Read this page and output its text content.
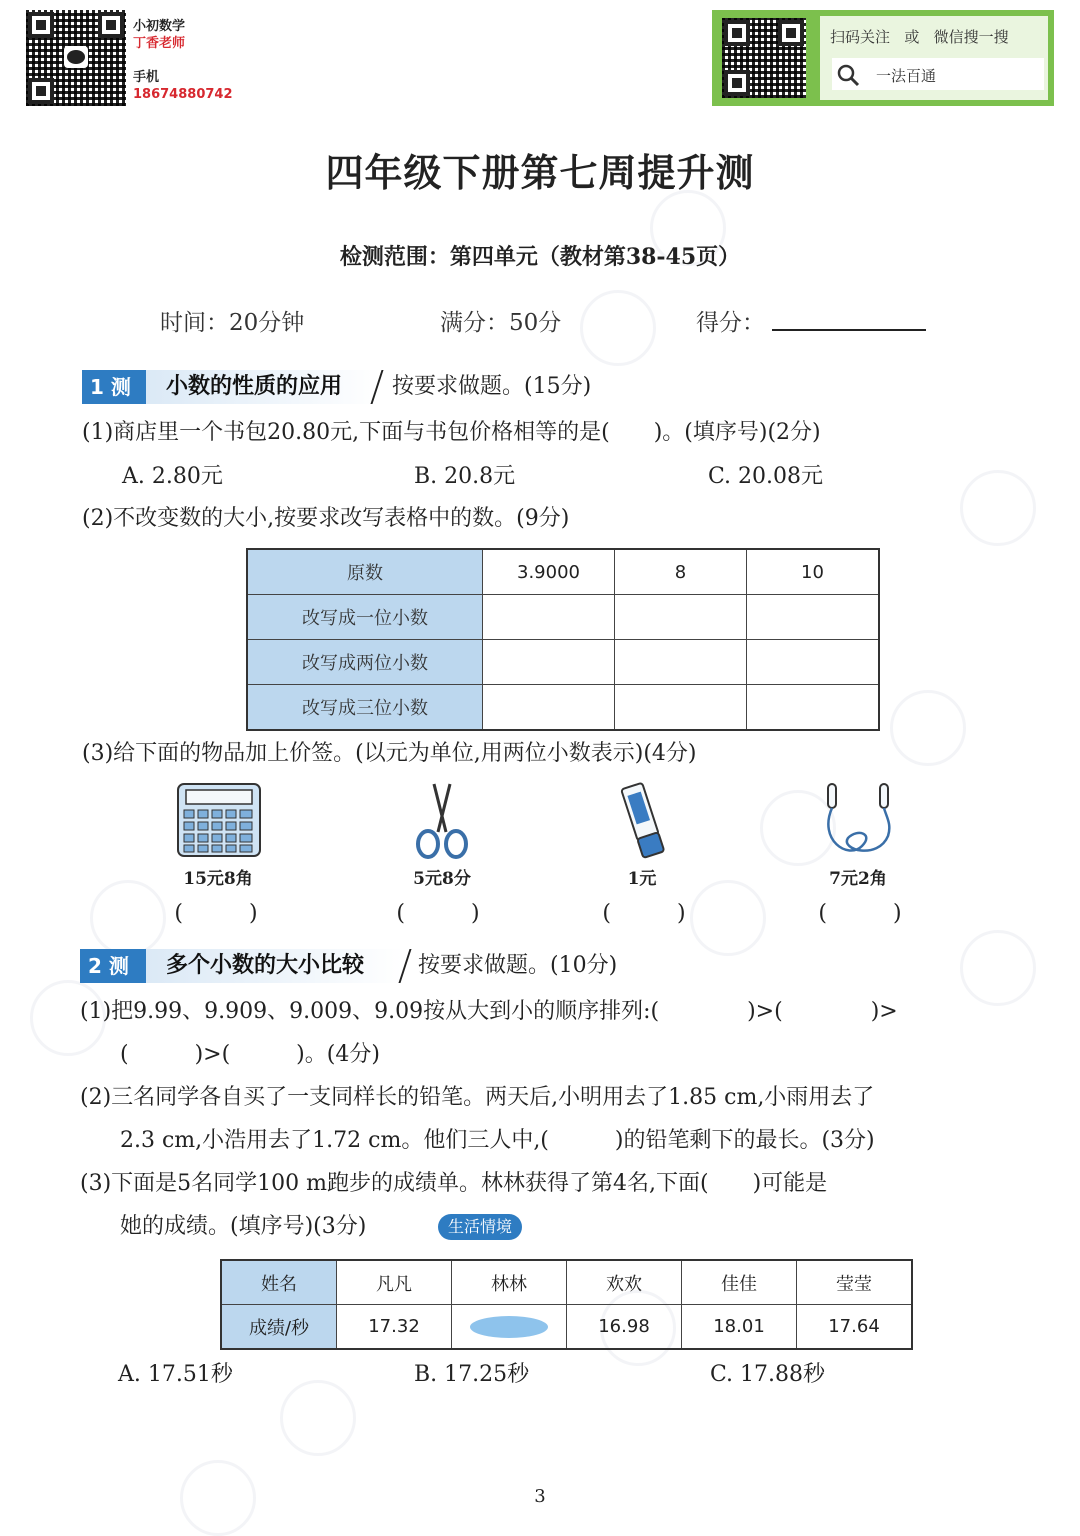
小初数学
丁香老师
手机
18674880742
扫码关注 或 微信搜一搜
一法百通
四年级下册第七周提升测
检测范围：第四单元（教材第38-45页）
时间：20分钟	满分：50分	得分：
1 测	小数的性质的应用	按要求做题。(15分)
(1)商店里一个书包20.80元,下面与书包价格相等的是(　　)。(填序号)(2分)
A. 2.80元	B. 20.8元	C. 20.08元
(2)不改变数的大小,按要求改写表格中的数。(9分)
原数	3.9000	8	10
改写成一位小数			
改写成两位小数			
改写成三位小数			
(3)给下面的物品加上价签。(以元为单位,用两位小数表示)(4分)
15元8角	5元8分	1元	7元2角
(　　　)	(　　　)	(　　　)	(　　　)
2 测	多个小数的大小比较	按要求做题。(10分)
(1)把9.99、9.909、9.009、9.09按从大到小的顺序排列:(　　　　)>(　　　　)>
(　　　)>(　　　)。(4分)
(2)三名同学各自买了一支同样长的铅笔。两天后,小明用去了1.85 cm,小雨用去了
2.3 cm,小浩用去了1.72 cm。他们三人中,(　　　)的铅笔剩下的最长。(3分)
(3)下面是5名同学100 m跑步的成绩单。林林获得了第4名,下面(　　)可能是
她的成绩。(填序号)(3分)	生活情境
姓名	凡凡	林林	欢欢	佳佳	莹莹
成绩/秒	17.32		16.98	18.01	17.64
A. 17.51秒	B. 17.25秒	C. 17.88秒
3
